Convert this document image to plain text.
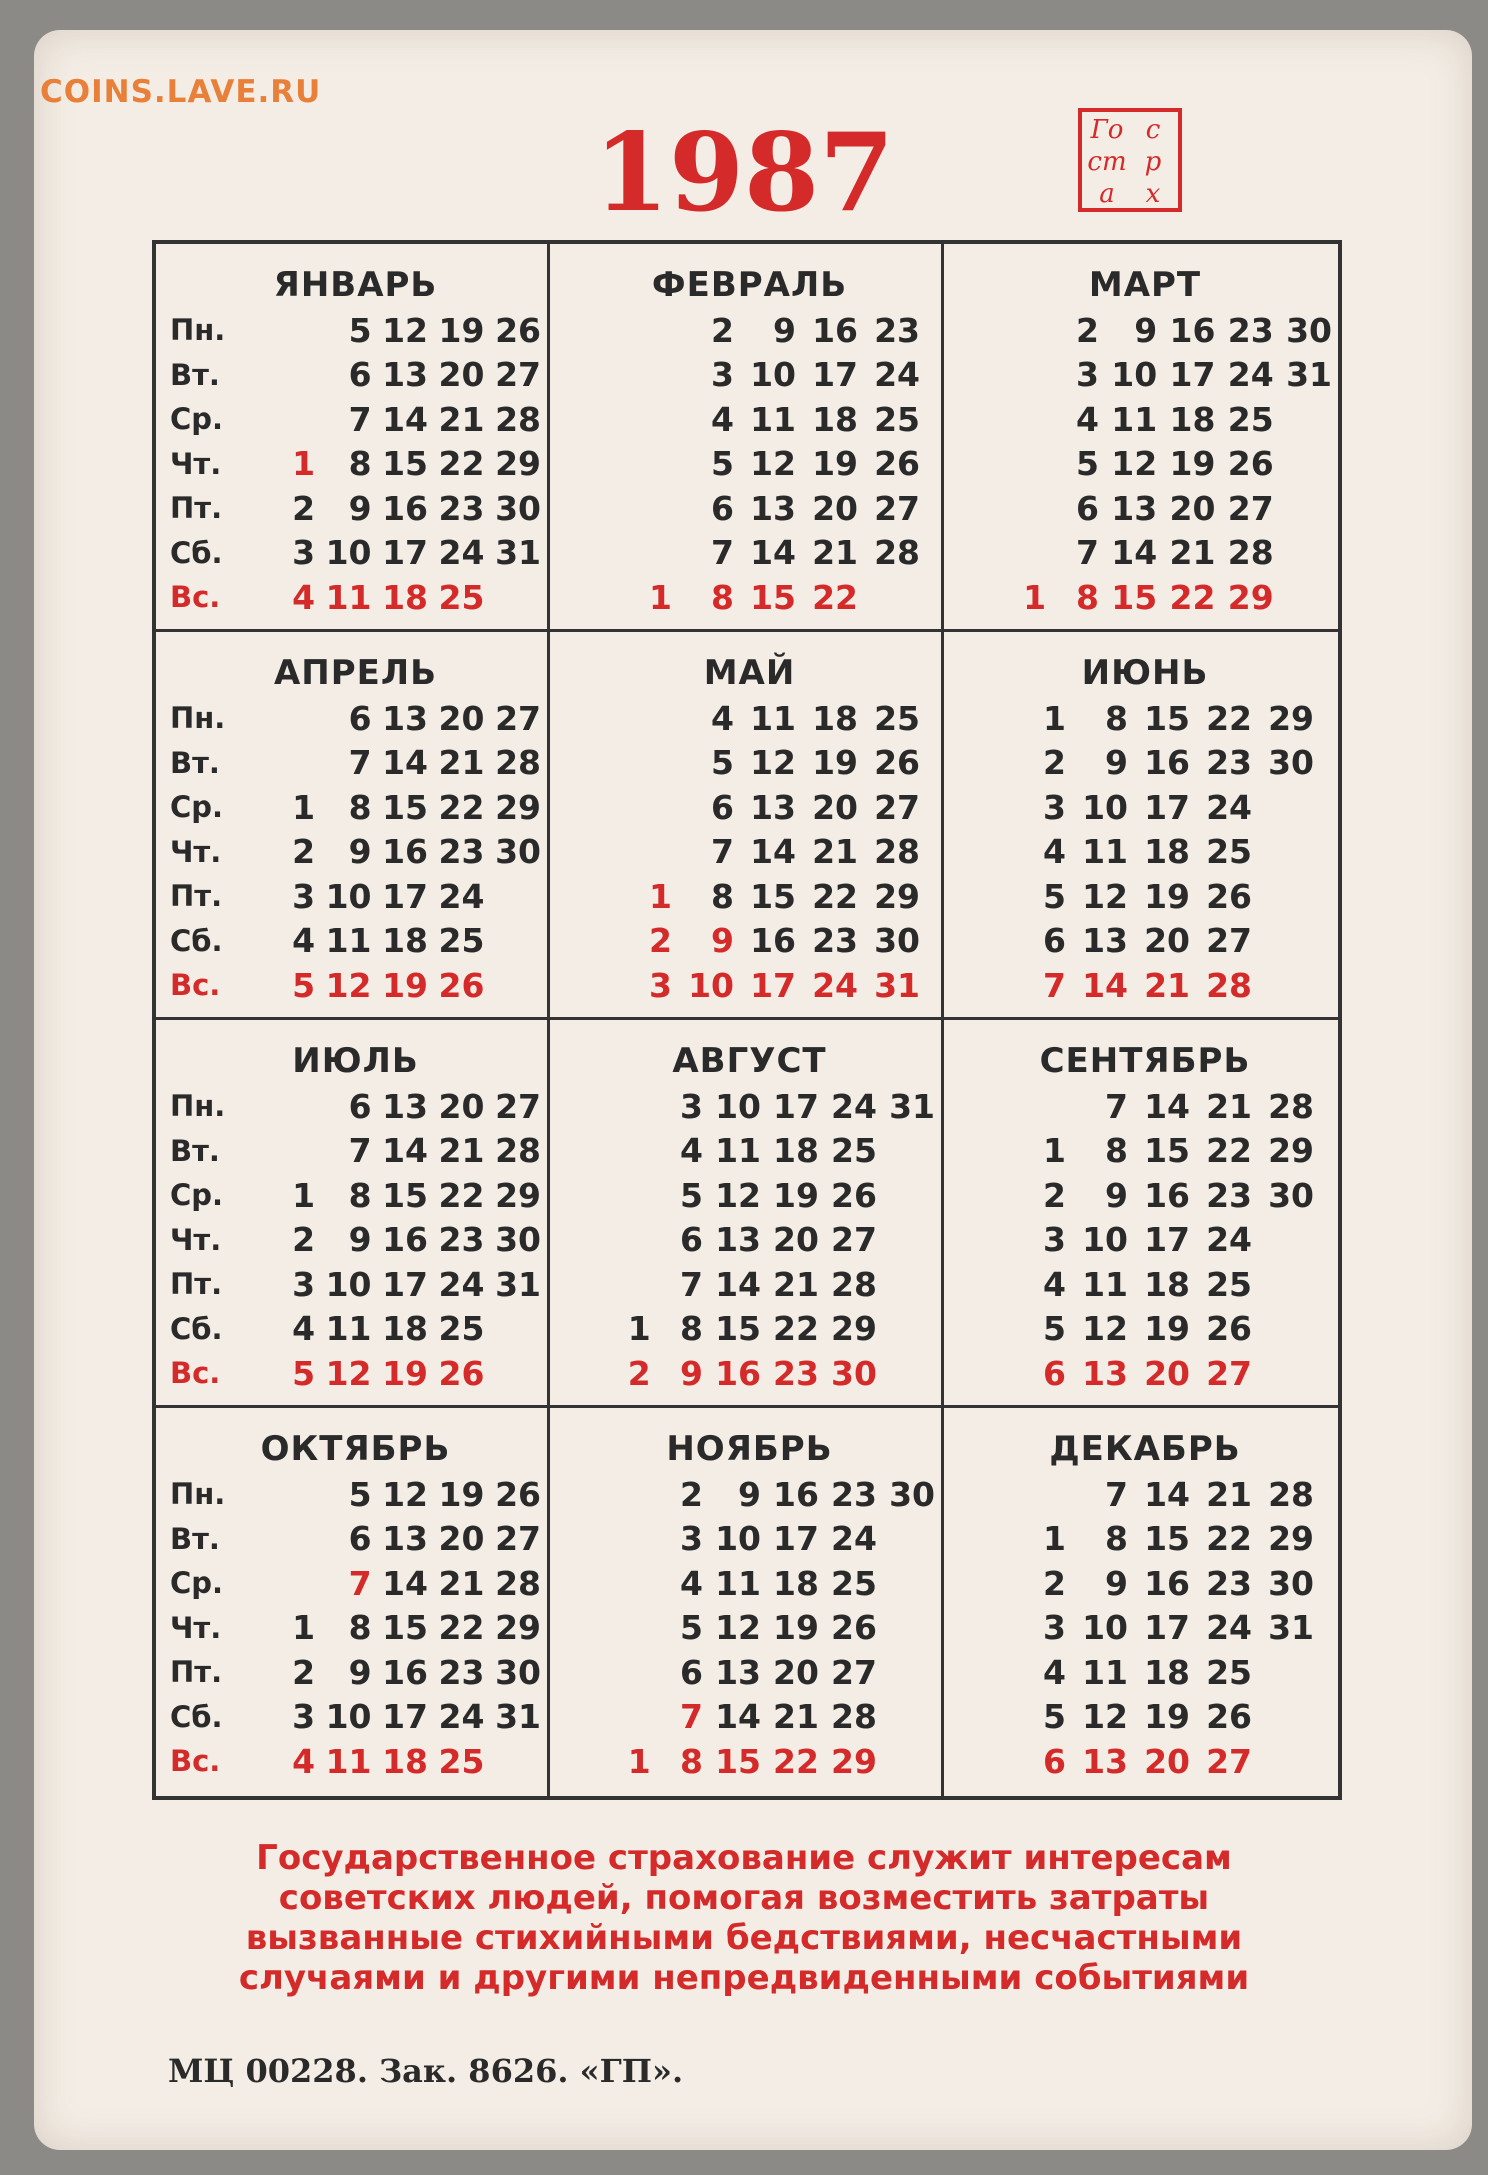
COINS.LAVE.RU
1987	Го с
ст р
а	х
ЯНВАРЬ
Пн.		5	12	19	26
Вт.		6	13	20	27
Ср.		7	14	21	28
Чт.	1	8	15	22	29
Пт.	2	9	16	23	30
Сб.	3	10	17	24	31
Вс.	4	11	18	25	
ФЕВРАЛЬ
		2	9	16	23
		3	10	17	24
		4	11	18	25
		5	12	19	26
		6	13	20	27
		7	14	21	28
	1	8	15	22	
МАРТ
		2	9	16	23	30
		3	10	17	24	31
		4	11	18	25	
		5	12	19	26	
		6	13	20	27	
		7	14	21	28	
	1	8	15	22	29	
АПРЕЛЬ
Пн.		6	13	20	27
Вт.		7	14	21	28
Ср.	1	8	15	22	29
Чт.	2	9	16	23	30
Пт.	3	10	17	24	
Сб.	4	11	18	25	
Вс.	5	12	19	26	
МАЙ
		4	11	18	25
		5	12	19	26
		6	13	20	27
		7	14	21	28
	1	8	15	22	29
	2	9	16	23	30
	3	10	17	24	31
ИЮНЬ
	1	8	15	22	29
	2	9	16	23	30
	3	10	17	24	
	4	11	18	25	
	5	12	19	26	
	6	13	20	27	
	7	14	21	28	
ИЮЛЬ
Пн.		6	13	20	27
Вт.		7	14	21	28
Ср.	1	8	15	22	29
Чт.	2	9	16	23	30
Пт.	3	10	17	24	31
Сб.	4	11	18	25	
Вс.	5	12	19	26	
АВГУСТ
		3	10	17	24	31
		4	11	18	25	
		5	12	19	26	
		6	13	20	27	
		7	14	21	28	
	1	8	15	22	29	
	2	9	16	23	30	
СЕНТЯБРЬ
		7	14	21	28
	1	8	15	22	29
	2	9	16	23	30
	3	10	17	24	
	4	11	18	25	
	5	12	19	26	
	6	13	20	27	
ОКТЯБРЬ
Пн.		5	12	19	26
Вт.		6	13	20	27
Ср.		7	14	21	28
Чт.	1	8	15	22	29
Пт.	2	9	16	23	30
Сб.	3	10	17	24	31
Вс.	4	11	18	25	
НОЯБРЬ
		2	9	16	23	30
		3	10	17	24	
		4	11	18	25	
		5	12	19	26	
		6	13	20	27	
		7	14	21	28	
	1	8	15	22	29	
ДЕКАБРЬ
		7	14	21	28
	1	8	15	22	29
	2	9	16	23	30
	3	10	17	24	31
	4	11	18	25	
	5	12	19	26	
	6	13	20	27	
Государственное страхование служит интересам
советских людей, помогая возместить затраты
вызванные стихийными бедствиями, несчастными
случаями и другими непредвиденными событиями
МЦ 00228. Зак. 8626. «ГП».
